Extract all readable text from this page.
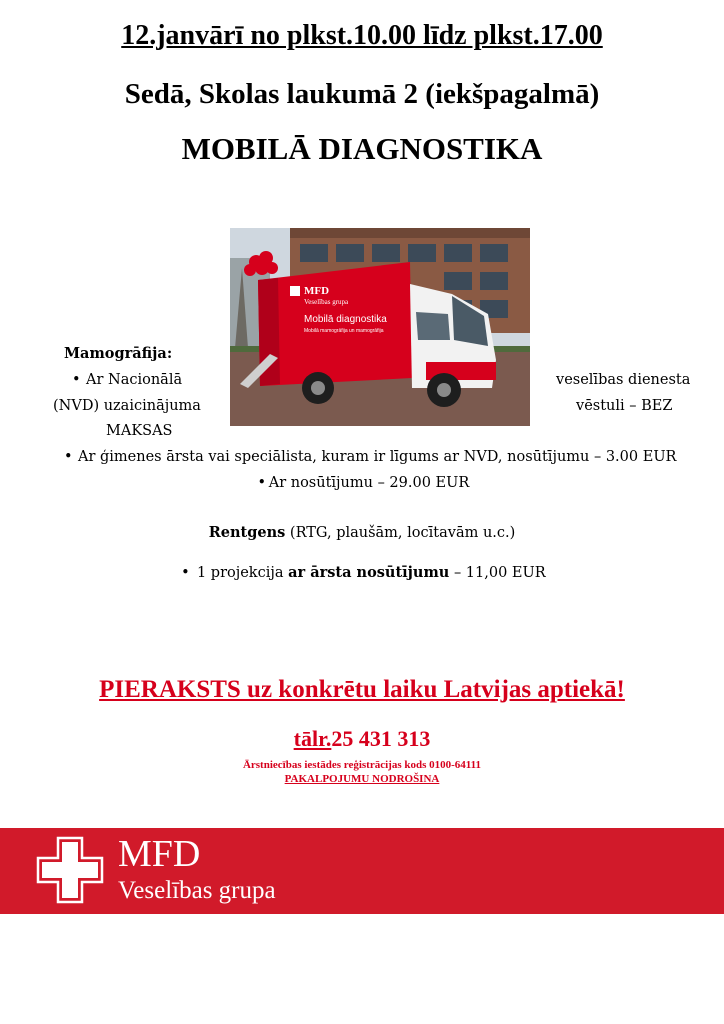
12.janvārī no plkst.10.00 līdz plkst.17.00
Sedā, Skolas laukumā 2 (iekšpagalmā)
MOBILĀ DIAGNOSTIKA
MFD
Veselības grupa
Mobilā diagnostika
Mobilā mamogrāfija un mamogrāfija
Mamogrāfija:
• Ar Nacionālā	veselības dienesta
(NVD) uzaicinājuma	vēstuli – BEZ
MAKSAS
• Ar ģimenes ārsta vai speciālista, kuram ir līgums ar NVD, nosūtījumu – 3.00 EUR
• Ar nosūtījumu – 29.00 EUR
Rentgens (RTG, plaušām, locītavām u.c.)
• 1 projekcija ar ārsta nosūtījumu – 11,00 EUR
PIERAKSTS uz konkrētu laiku Latvijas aptiekā!
tālr.25 431 313
Ārstniecības iestādes reģistrācijas kods 0100-64111
PAKALPOJUMU NODROŠINA
MFD
Veselības grupa
